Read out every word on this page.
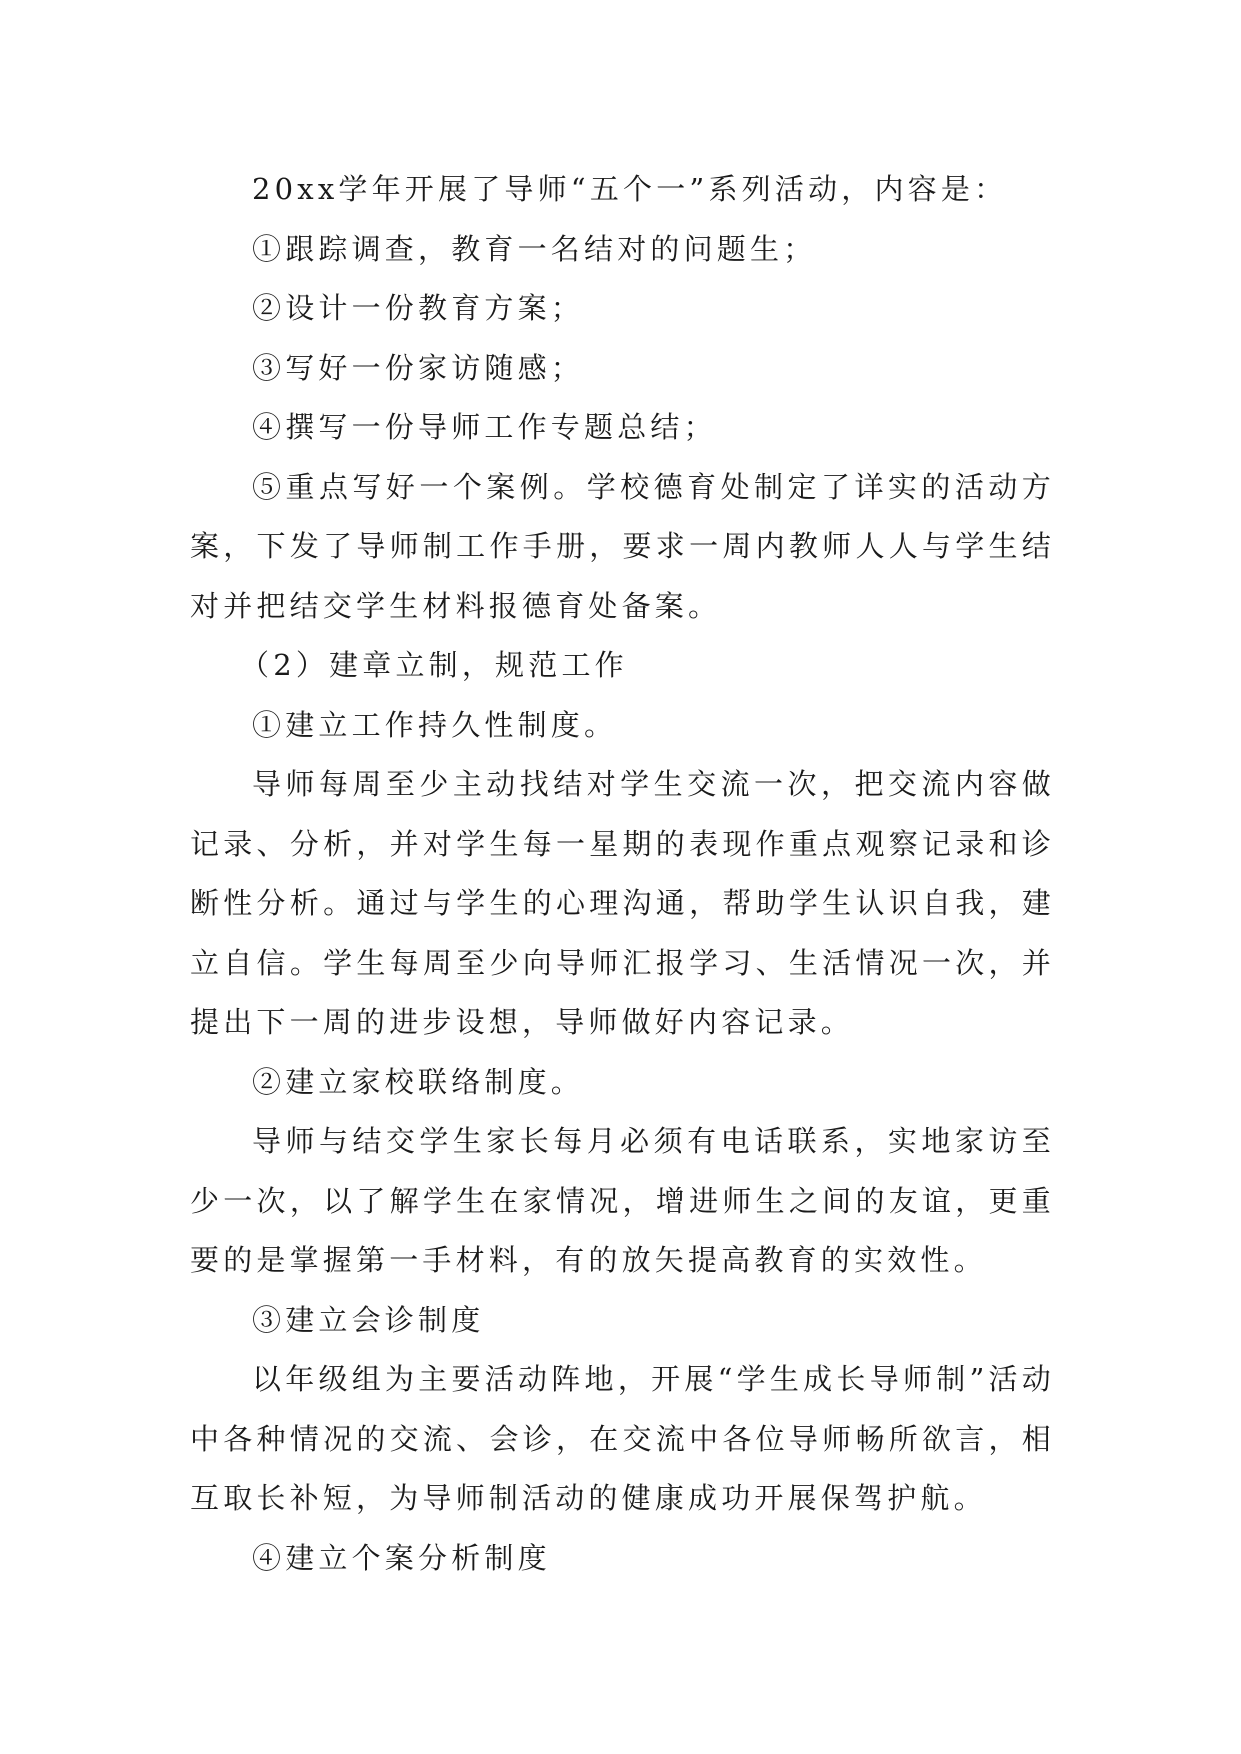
20xx学年开展了导师“五个一”系列活动，内容是：

①跟踪调查，教育一名结对的问题生；

②设计一份教育方案；

③写好一份家访随感；

④撰写一份导师工作专题总结；

⑤重点写好一个案例。学校德育处制定了详实的活动方案，下发了导师制工作手册，要求一周内教师人人与学生结对并把结交学生材料报德育处备案。

（2）建章立制，规范工作

①建立工作持久性制度。

导师每周至少主动找结对学生交流一次，把交流内容做记录、分析，并对学生每一星期的表现作重点观察记录和诊断性分析。通过与学生的心理沟通，帮助学生认识自我，建立自信。学生每周至少向导师汇报学习、生活情况一次，并提出下一周的进步设想，导师做好内容记录。

②建立家校联络制度。

导师与结交学生家长每月必须有电话联系，实地家访至少一次，以了解学生在家情况，增进师生之间的友谊，更重要的是掌握第一手材料，有的放矢提高教育的实效性。

③建立会诊制度

以年级组为主要活动阵地，开展“学生成长导师制”活动中各种情况的交流、会诊，在交流中各位导师畅所欲言，相互取长补短，为导师制活动的健康成功开展保驾护航。

④建立个案分析制度
